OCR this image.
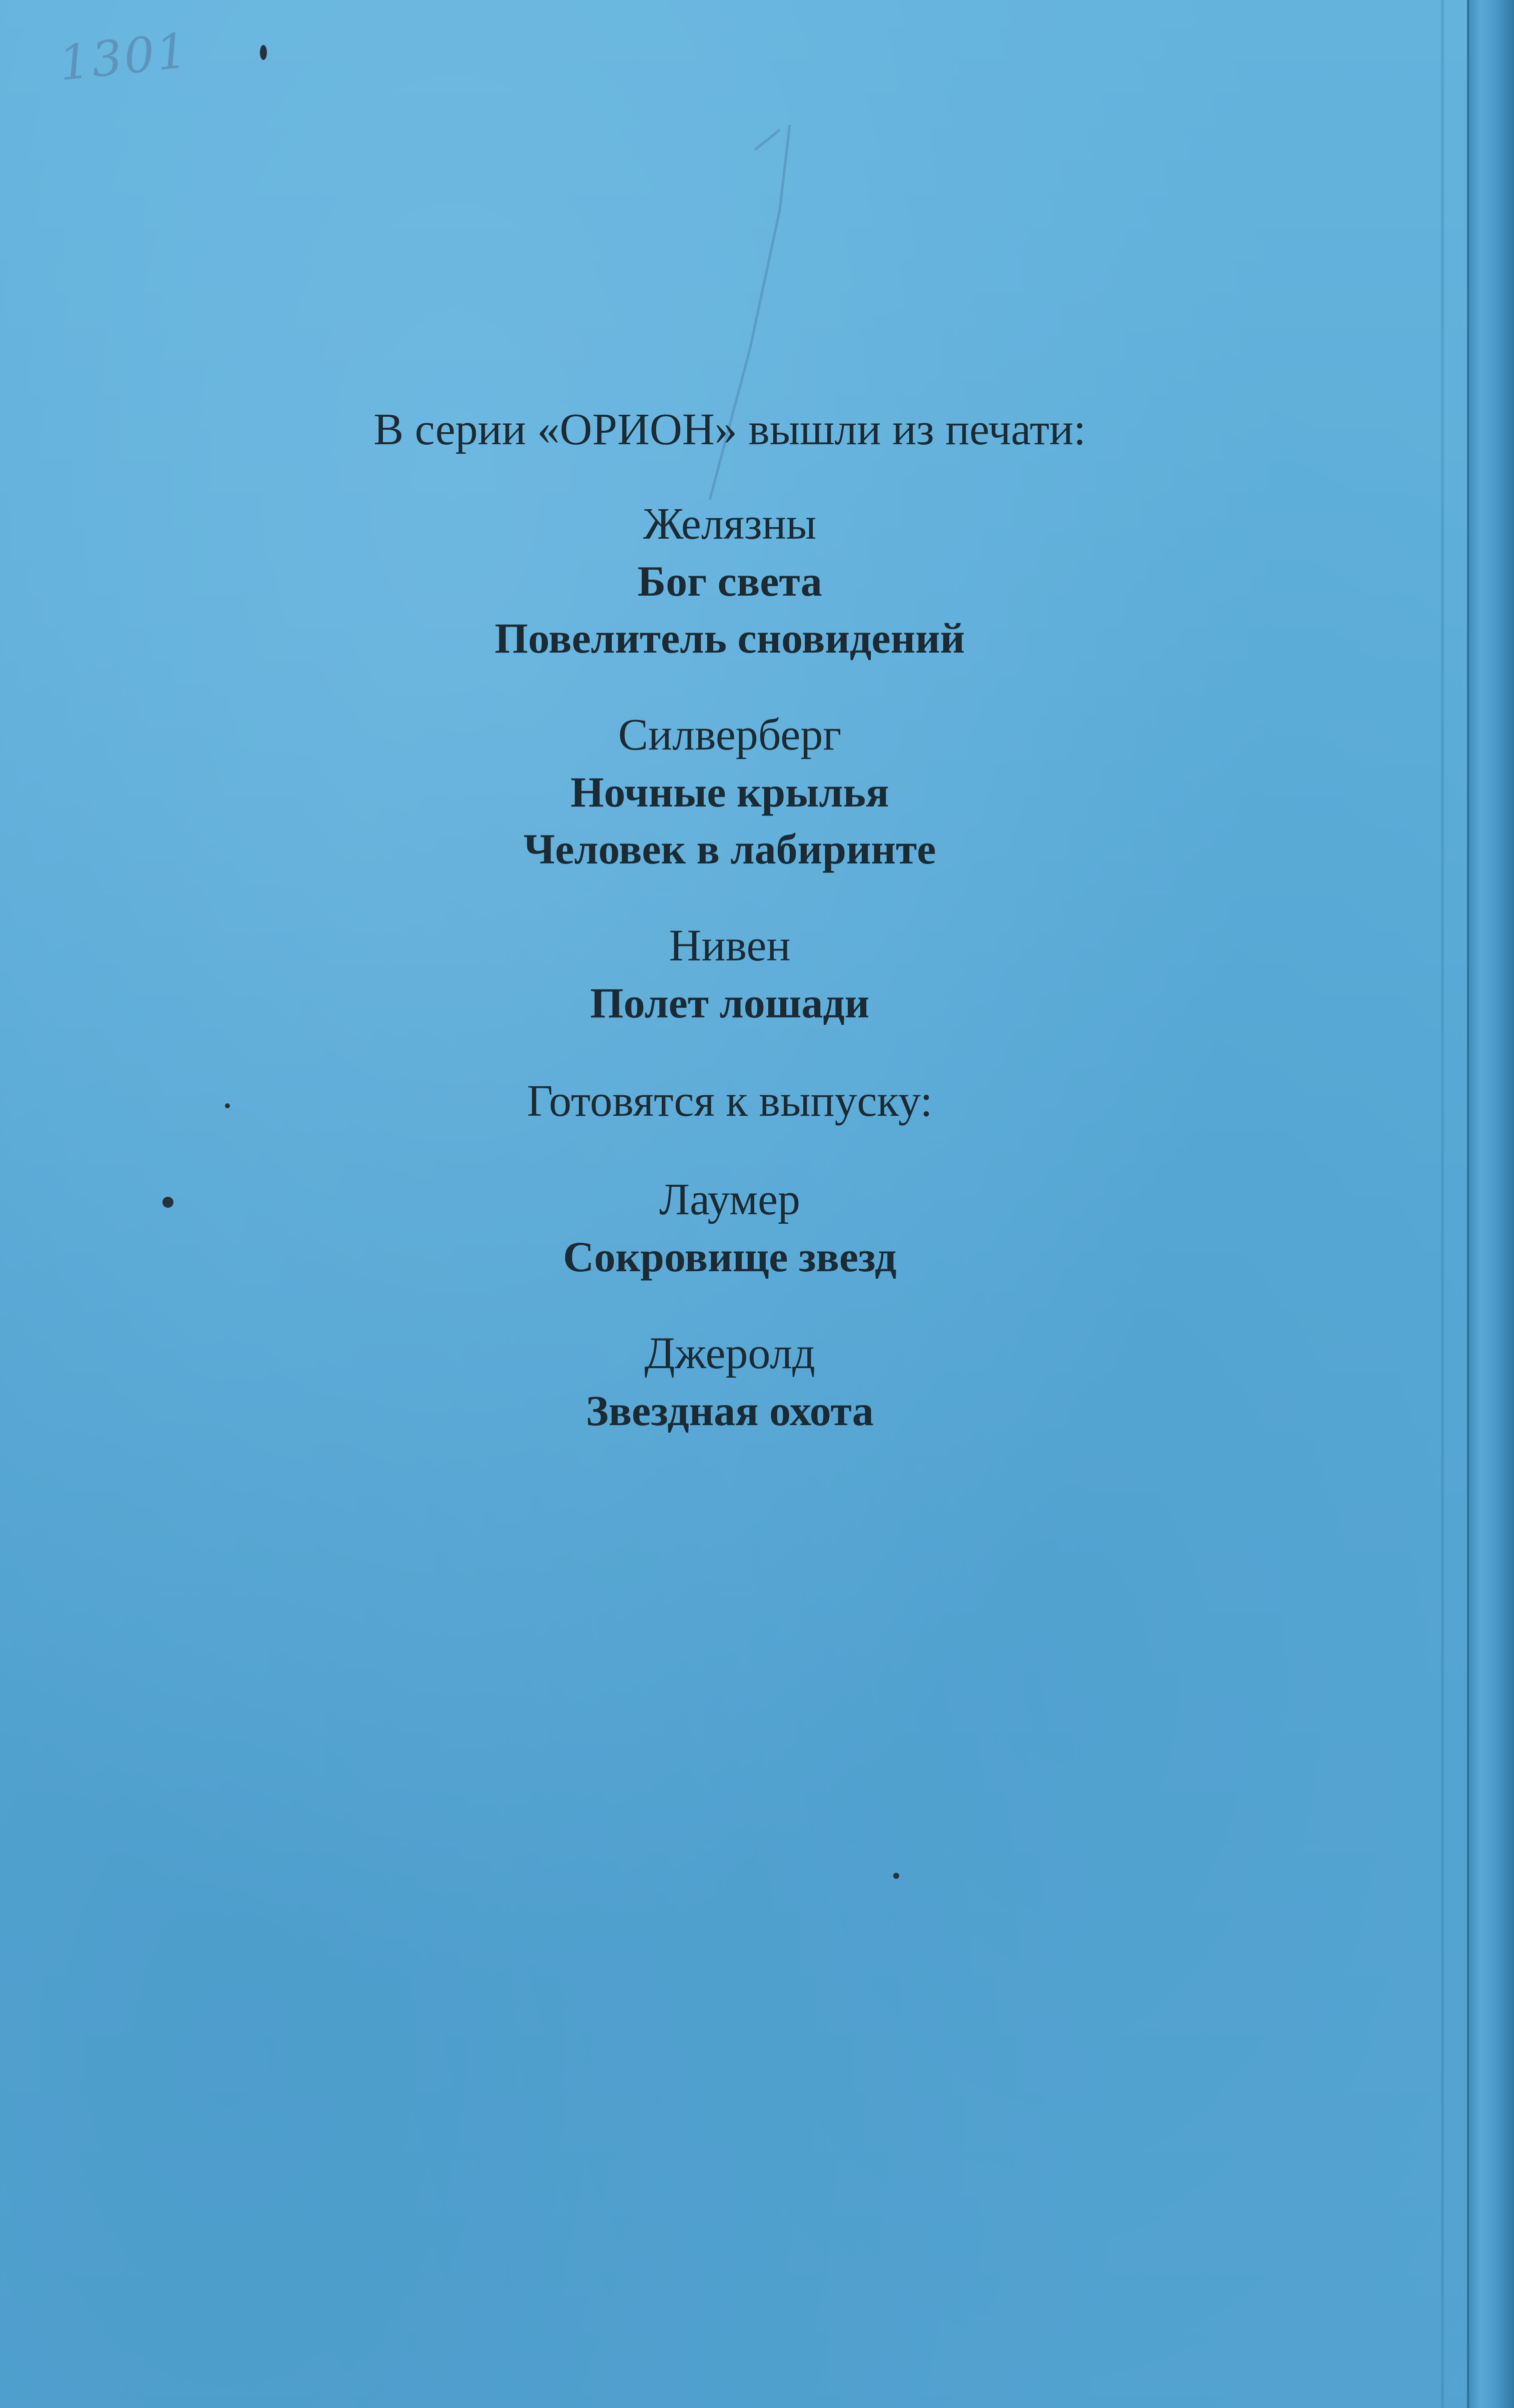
1301

В серии «ОРИОН» вышли из печати:

Желязны

Бог света

Повелитель сновидений

Силверберг

Ночные крылья

Человек в лабиринте

Нивен

Полет лошади

Готовятся к выпуску:

Лаумер

Сокровище звезд

Джеролд

Звездная охота
